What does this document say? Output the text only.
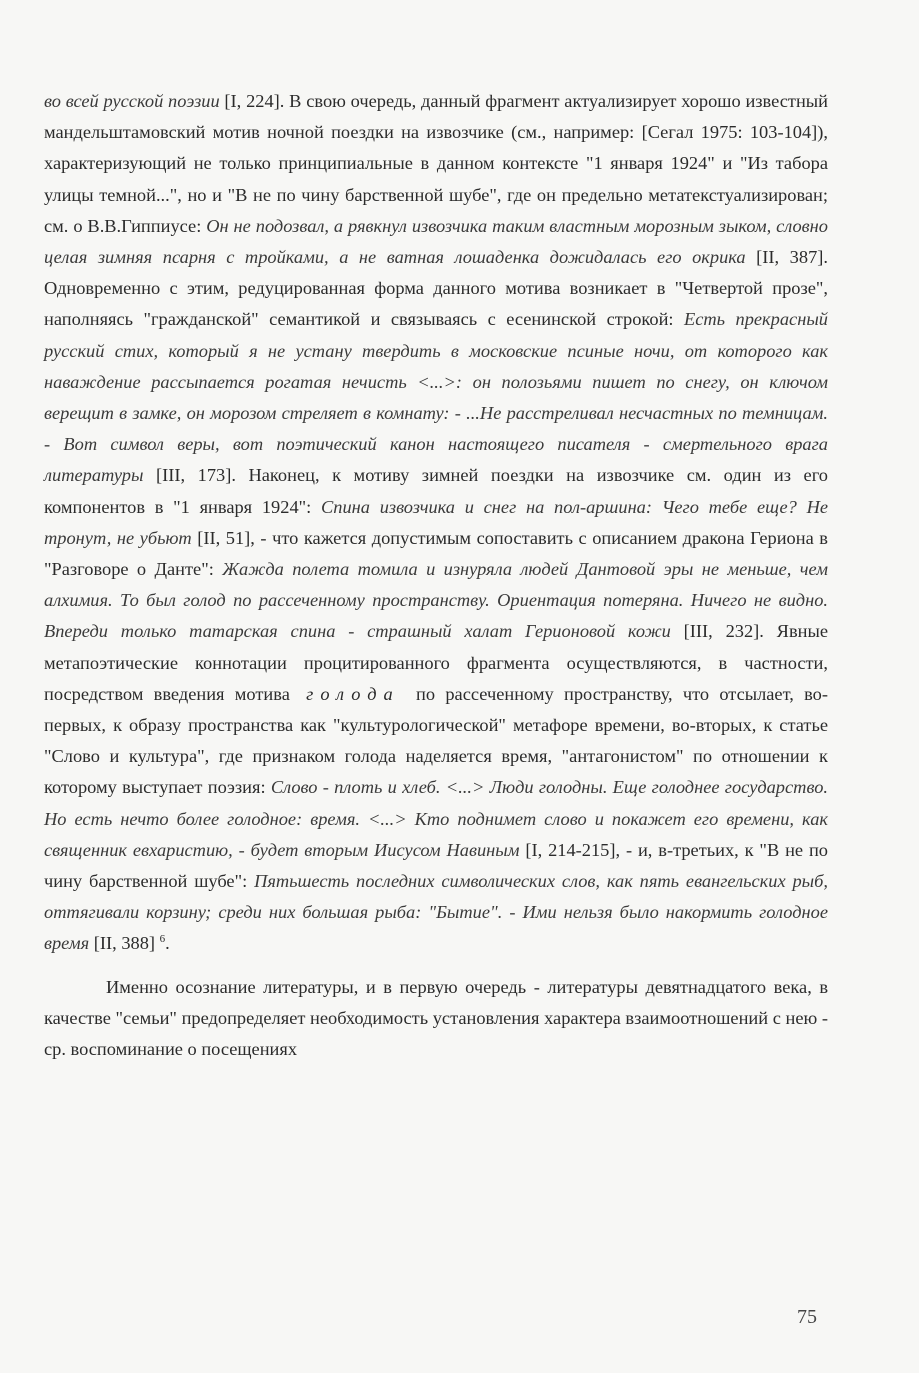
во всей русской поэзии [I, 224]. В свою очередь, данный фрагмент актуализирует хорошо известный мандельштамовский мотив ночной поездки на извозчике (см., например: [Сегал 1975: 103-104]), характеризующий не только принципиальные в данном контексте "1 января 1924" и "Из табора улицы темной...", но и "В не по чину барственной шубе", где он предельно метатекстуализирован; см. о В.В.Гиппиусе: Он не подозвал, а рявкнул извозчика таким властным морозным зыком, словно целая зимняя псарня с тройками, а не ватная лошаденка дожидалась его окрика [II, 387]. Одновременно с этим, редуцированная форма данного мотива возникает в "Четвертой прозе", наполняясь "гражданской" семантикой и связываясь с есенинской строкой: Есть прекрасный русский стих, который я не устану твердить в московские псиные ночи, от которого как наваждение рассыпается рогатая нечисть <...>: он полозьями пишет по снегу, он ключом верещит в замке, он морозом стреляет в комнату: - ...Не расстреливал несчастных по темницам. - Вот символ веры, вот поэтический канон настоящего писателя - смертельного врага литературы [III, 173]. Наконец, к мотиву зимней поездки на извозчике см. один из его компонентов в "1 января 1924": Спина извозчика и снег на пол-аршина: Чего тебе еще? Не тронут, не убьют [II, 51], - что кажется допустимым сопоставить с описанием дракона Гериона в "Разговоре о Данте": Жажда полета томила и изнуряла людей Дантовой эры не меньше, чем алхимия. То был голод по рассеченному пространству. Ориентация потеряна. Ничего не видно. Впереди только татарская спина - страшный халат Герионовой кожи [III, 232]. Явные метапоэтические коннотации процитированного фрагмента осуществляются, в частности, посредством введения мотива голода по рассеченному пространству, что отсылает, во-первых, к образу пространства как "культурологической" метафоре времени, во-вторых, к статье "Слово и культура", где признаком голода наделяется время, "антагонистом" по отношении к которому выступает поэзия: Слово - плоть и хлеб. <...> Люди голодны. Еще голоднее государство. Но есть нечто более голодное: время. <...> Кто поднимет слово и покажет его времени, как священник евхаристию, - будет вторым Иисусом Навиным [I, 214-215], - и, в-третьих, к "В не по чину барственной шубе": Пятьшесть последних символических слов, как пять евангельских рыб, оттягивали корзину; среди них большая рыба: "Бытие". - Ими нельзя было накормить голодное время [II, 388] $^6$.

Именно осознание литературы, и в первую очередь - литературы девятнадцатого века, в качестве "семьи" предопределяет необходимость установления характера взаимоотношений с нею - ср. воспоминание о посещениях

75
